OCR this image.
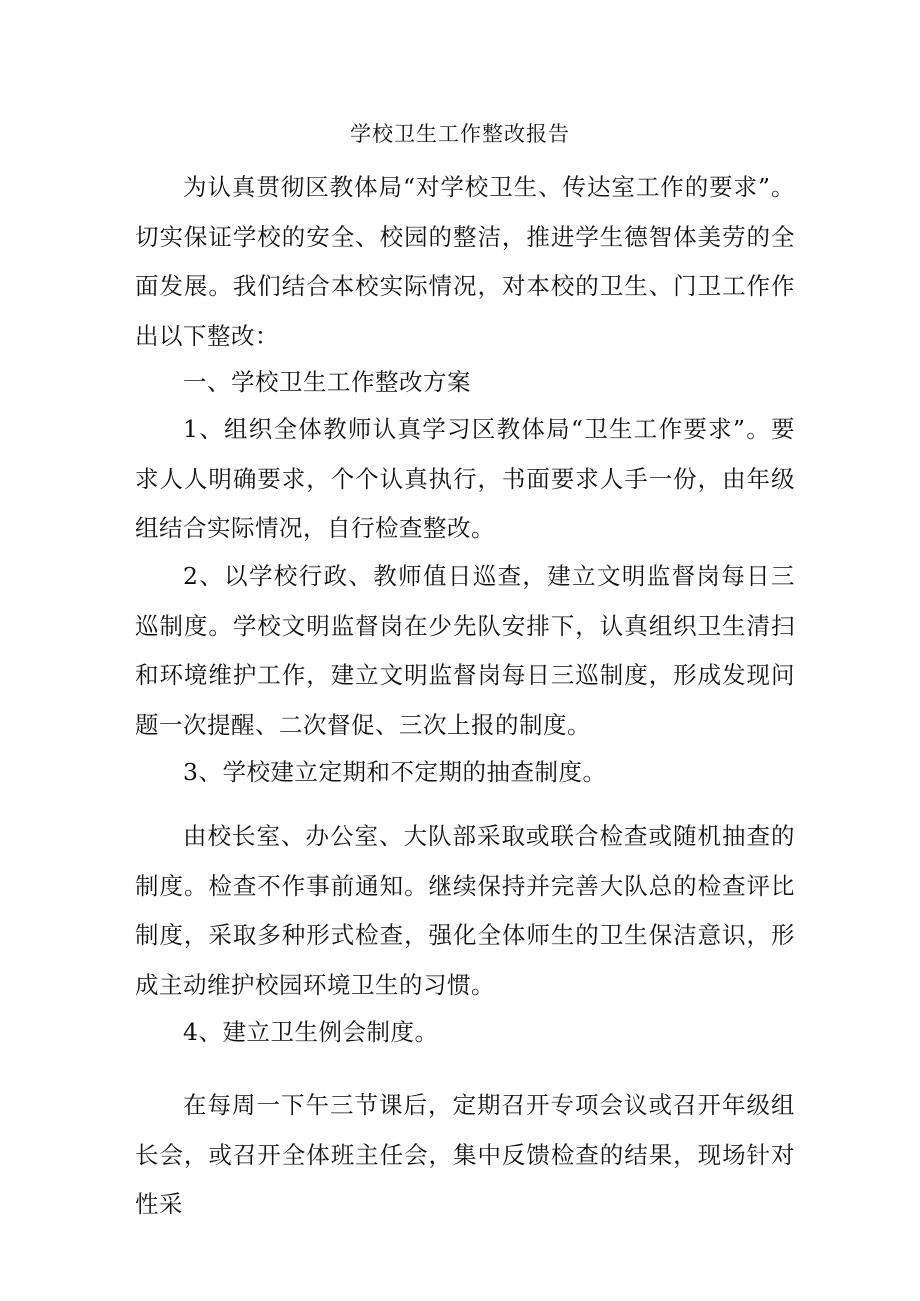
学校卫生工作整改报告

为认真贯彻区教体局“对学校卫生、传达室工作的要求”。切实保证学校的安全、校园的整洁，推进学生德智体美劳的全面发展。我们结合本校实际情况，对本校的卫生、门卫工作作出以下整改：

一、学校卫生工作整改方案

1、组织全体教师认真学习区教体局“卫生工作要求”。要求人人明确要求，个个认真执行，书面要求人手一份，由年级组结合实际情况，自行检查整改。

2、以学校行政、教师值日巡查，建立文明监督岗每日三巡制度。学校文明监督岗在少先队安排下，认真组织卫生清扫和环境维护工作，建立文明监督岗每日三巡制度，形成发现问题一次提醒、二次督促、三次上报的制度。

3、学校建立定期和不定期的抽查制度。

由校长室、办公室、大队部采取或联合检查或随机抽查的制度。检查不作事前通知。继续保持并完善大队总的检查评比制度，采取多种形式检查，强化全体师生的卫生保洁意识，形成主动维护校园环境卫生的习惯。

4、建立卫生例会制度。

在每周一下午三节课后，定期召开专项会议或召开年级组长会，或召开全体班主任会，集中反馈检查的结果，现场针对性采
